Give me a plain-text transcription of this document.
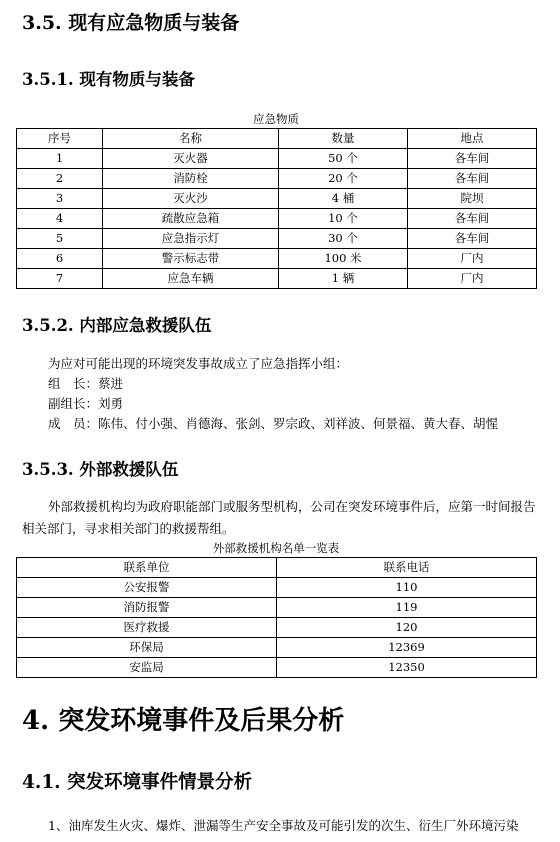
3.5. 现有应急物质与装备
3.5.1. 现有物质与装备
应急物质
序号	名称	数量	地点
1	灭火器	50 个	各车间
2	消防栓	20 个	各车间
3	灭火沙	4 桶	院坝
4	疏散应急箱	10 个	各车间
5	应急指示灯	30 个	各车间
6	警示标志带	100 米	厂内
7	应急车辆	1 辆	厂内
3.5.2. 内部应急救援队伍
为应对可能出现的环境突发事故成立了应急指挥小组：
组　长：蔡进
副组长：刘勇
成　员：陈伟、付小强、肖德海、张剑、罗宗政、刘祥波、何景福、黄大春、胡惺
3.5.3. 外部救援队伍
外部救援机构均为政府职能部门或服务型机构，公司在突发环境事件后，应第一时间报告相关部门，寻求相关部门的救援帮组。
外部救援机构名单一览表
联系单位	联系电话
公安报警	110
消防报警	119
医疗救援	120
环保局	12369
安监局	12350
4. 突发环境事件及后果分析
4.1. 突发环境事件情景分析
1、油库发生火灾、爆炸、泄漏等生产安全事故及可能引发的次生、衍生厂外环境污染
